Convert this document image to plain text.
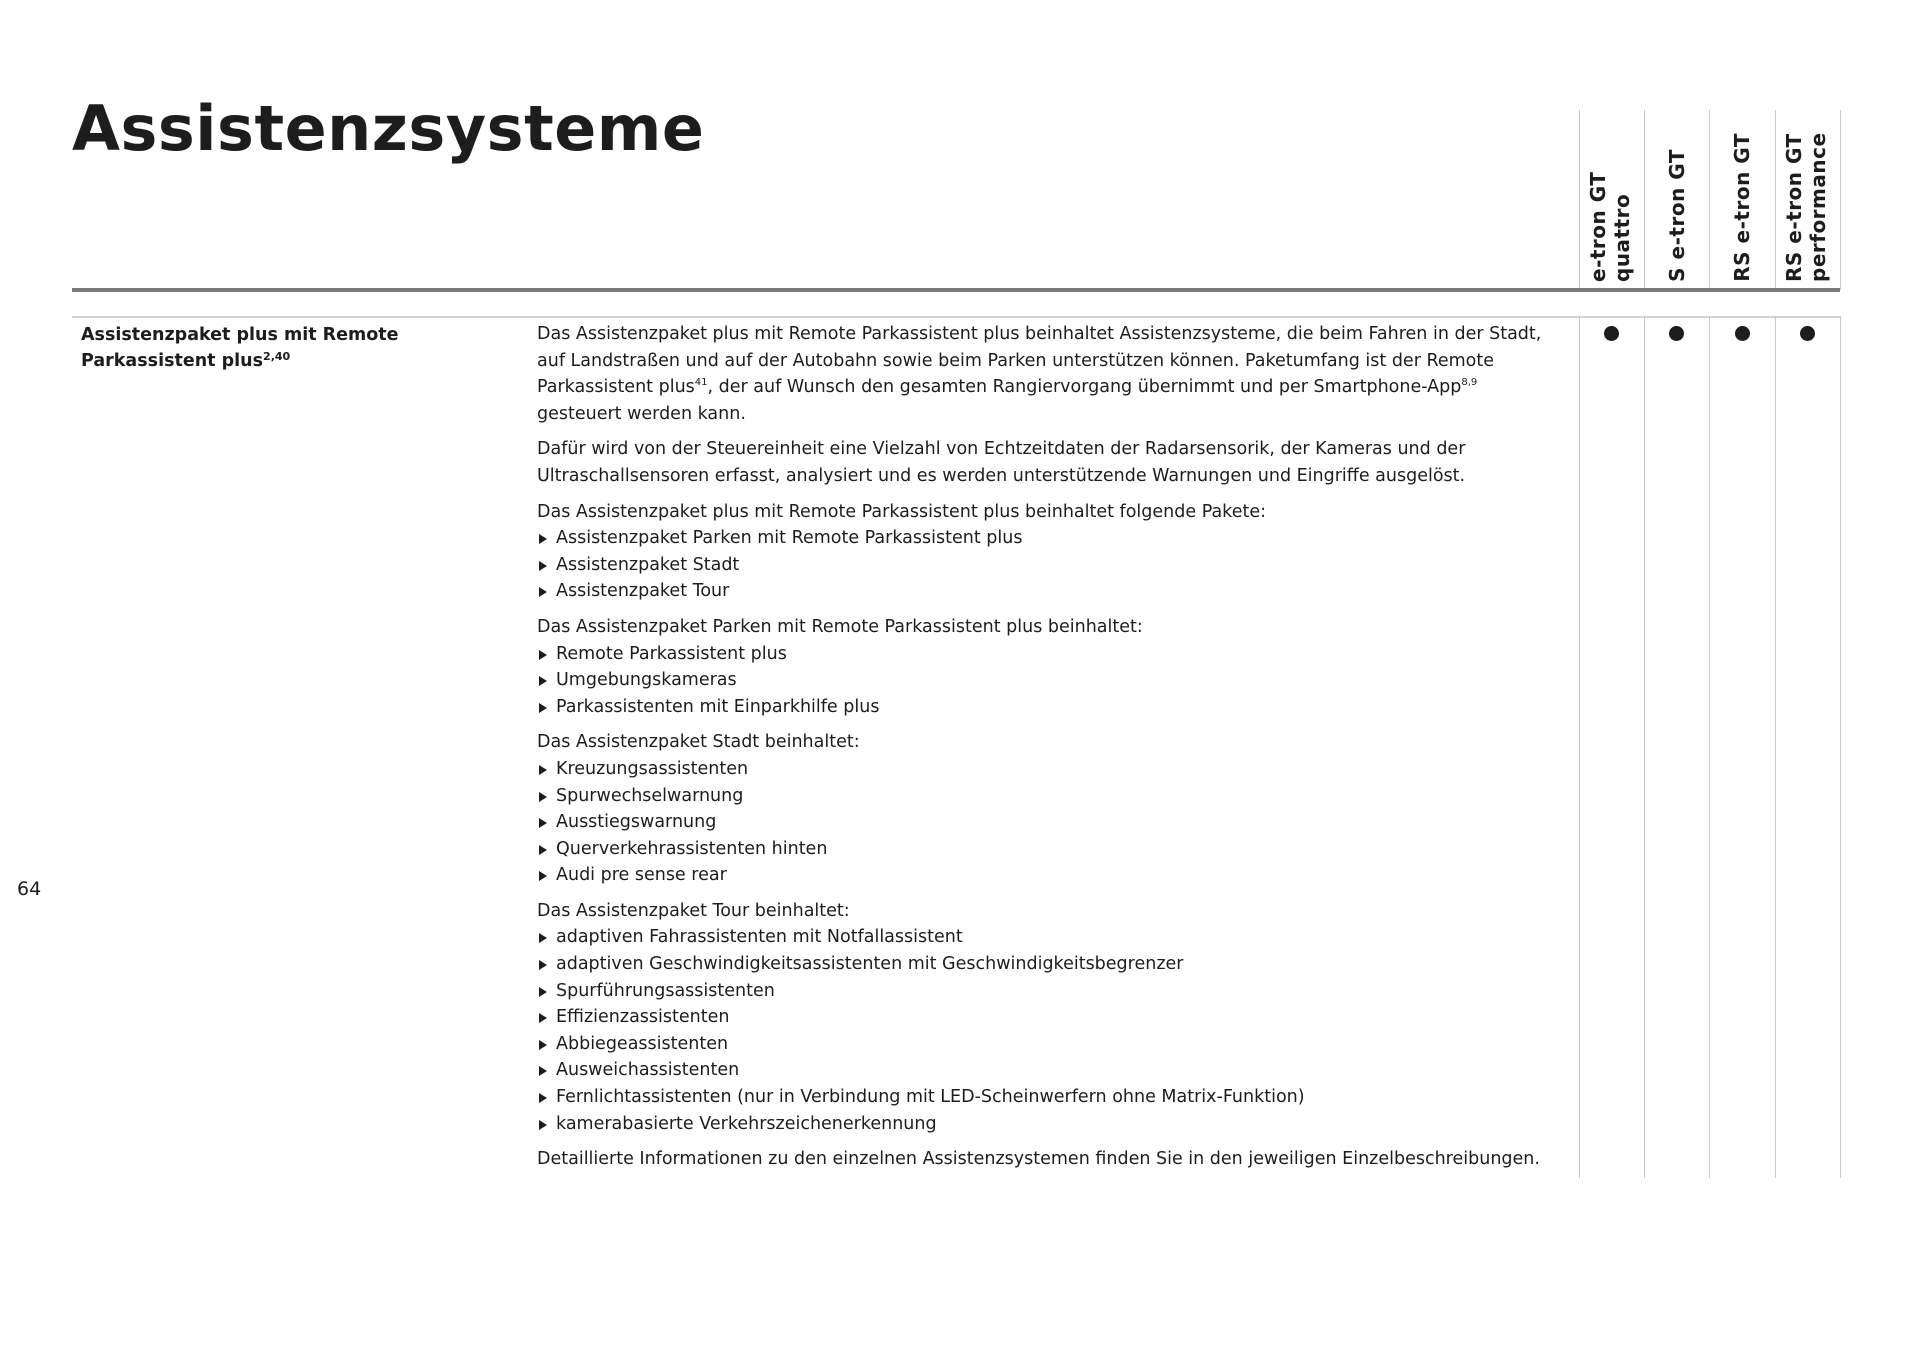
Assistenzsysteme
e-tron GT quattro S e-tron GT RS e-tron GT RS e-tron GT performance
Assistenzpaket plus mit Remote Parkassistent plus$^{2,40}$

Das Assistenzpaket plus mit Remote Parkassistent plus beinhaltet Assistenzsysteme, die beim Fahren in der Stadt, auf Landstraßen und auf der Autobahn sowie beim Parken unterstützen können. Paketumfang ist der Remote Parkassistent plus$^{41}$, der auf Wunsch den gesamten Rangiervorgang übernimmt und per Smartphone-App$^{8,9}$ gesteuert werden kann.

Dafür wird von der Steuereinheit eine Vielzahl von Echtzeitdaten der Radarsensorik, der Kameras und der Ultraschallsensoren erfasst, analysiert und es werden unterstützende Warnungen und Eingriffe ausgelöst.

Das Assistenzpaket plus mit Remote Parkassistent plus beinhaltet folgende Pakete:
Assistenzpaket Parken mit Remote Parkassistent plus
Assistenzpaket Stadt
Assistenzpaket Tour
Das Assistenzpaket Parken mit Remote Parkassistent plus beinhaltet:
Remote Parkassistent plus
Umgebungskameras
Parkassistenten mit Einparkhilfe plus
Das Assistenzpaket Stadt beinhaltet:
Kreuzungsassistenten
Spurwechselwarnung
Ausstiegswarnung
Querverkehrassistenten hinten
Audi pre sense rear
Das Assistenzpaket Tour beinhaltet:
adaptiven Fahrassistenten mit Notfallassistent
adaptiven Geschwindigkeitsassistenten mit Geschwindigkeitsbegrenzer
Spurführungsassistenten
Effizienzassistenten
Abbiegeassistenten
Ausweichassistenten
Fernlichtassistenten (nur in Verbindung mit LED-Scheinwerfern ohne Matrix-Funktion)
kamerabasierte Verkehrszeichenerkennung

Detaillierte Informationen zu den einzelnen Assistenzsystemen finden Sie in den jeweiligen Einzelbeschreibungen.

64
